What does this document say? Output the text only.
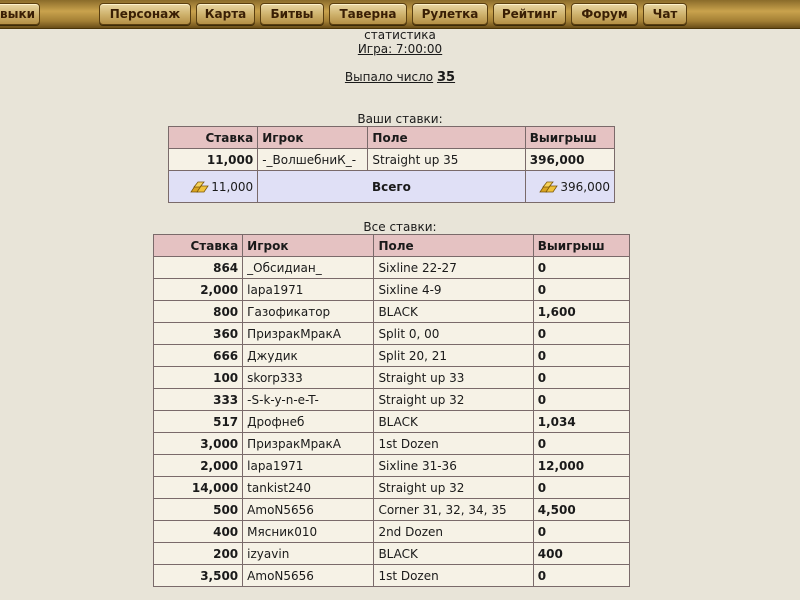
выки	Персонаж	Карта	Битвы	Таверна	Рулетка	Рейтинг	Форум	Чат
статистика
Игра: 7:00:00
Выпало число 35
Ваши ставки:
Ставка	Игрок	Поле	Выигрыш
11,000	-_ВолшебниК_-	Straight up 35	396,000
11,000	Всего		396,000
Все ставки:
Ставка	Игрок	Поле	Выигрыш
864	_Обсидиан_	Sixline 22-27	0
2,000	lapa1971	Sixline 4-9	0
800	Газофикатор	BLACK	1,600
360	ПризракМракА	Split 0, 00	0
666	Джудик	Split 20, 21	0
100	skorp333	Straight up 33	0
333	-S-k-y-n-e-T-	Straight up 32	0
517	Дрофнеб	BLACK	1,034
3,000	ПризракМракА	1st Dozen	0
2,000	lapa1971	Sixline 31-36	12,000
14,000	tankist240	Straight up 32	0
500	AmoN5656	Corner 31, 32, 34, 35	4,500
400	Мясник010	2nd Dozen	0
200	izyavin	BLACK	400
3,500	AmoN5656	1st Dozen	0
